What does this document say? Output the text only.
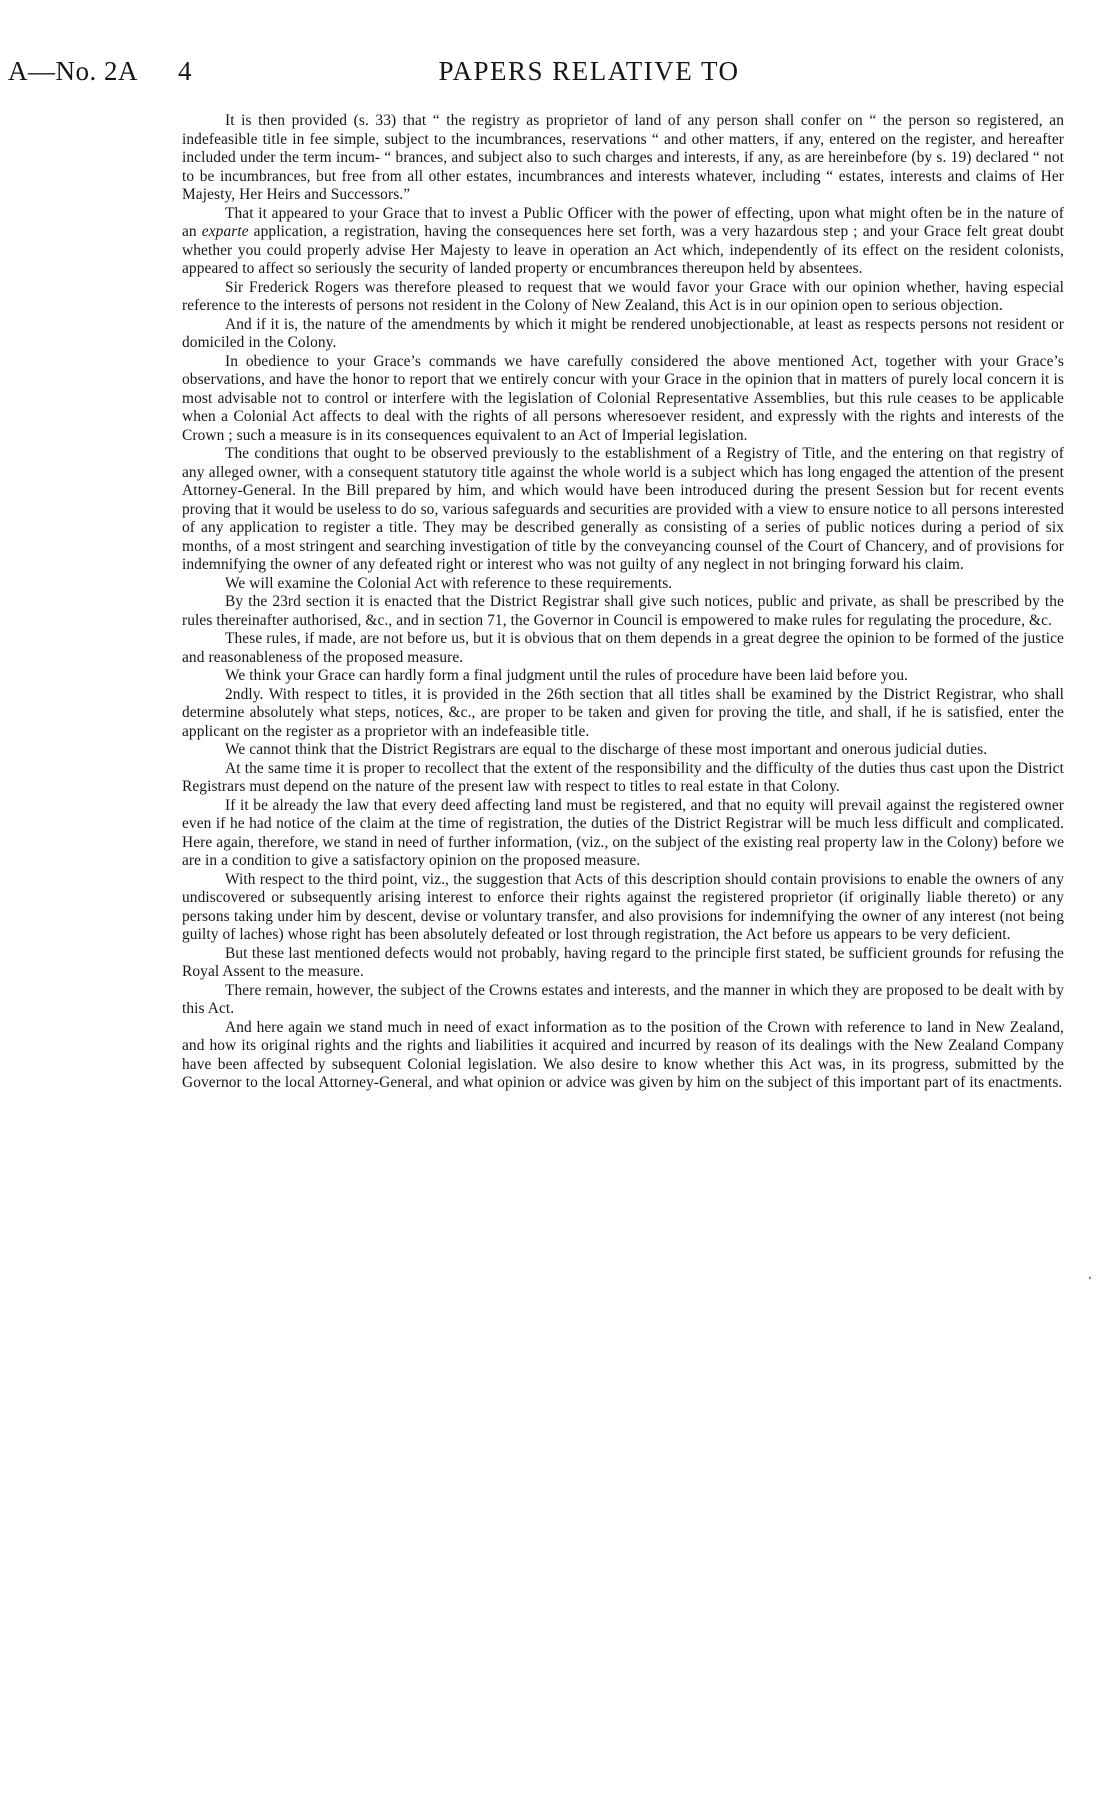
A—No. 2A 4	PAPERS RELATIVE TO

It is then provided (s. 33) that “ the registry as proprietor of land of any person shall confer on “ the person so registered, an indefeasible title in fee simple, subject to the incumbrances, reservations “ and other matters, if any, entered on the register, and hereafter included under the term incum- “ brances, and subject also to such charges and interests, if any, as are hereinbefore (by s. 19) declared “ not to be incumbrances, but free from all other estates, incumbrances and interests whatever, including “ estates, interests and claims of Her Majesty, Her Heirs and Successors.”

That it appeared to your Grace that to invest a Public Officer with the power of effecting, upon what might often be in the nature of an exparte application, a registration, having the consequences here set forth, was a very hazardous step ; and your Grace felt great doubt whether you could properly advise Her Majesty to leave in operation an Act which, independently of its effect on the resident colonists, appeared to affect so seriously the security of landed property or encumbrances thereupon held by absentees.

Sir Frederick Rogers was therefore pleased to request that we would favor your Grace with our opinion whether, having especial reference to the interests of persons not resident in the Colony of New Zealand, this Act is in our opinion open to serious objection.

And if it is, the nature of the amendments by which it might be rendered unobjectionable, at least as respects persons not resident or domiciled in the Colony.

In obedience to your Grace’s commands we have carefully considered the above mentioned Act, together with your Grace’s observations, and have the honor to report that we entirely concur with your Grace in the opinion that in matters of purely local concern it is most advisable not to control or interfere with the legislation of Colonial Representative Assemblies, but this rule ceases to be applicable when a Colonial Act affects to deal with the rights of all persons wheresoever resident, and expressly with the rights and interests of the Crown ; such a measure is in its consequences equivalent to an Act of Imperial legislation.

The conditions that ought to be observed previously to the establishment of a Registry of Title, and the entering on that registry of any alleged owner, with a consequent statutory title against the whole world is a subject which has long engaged the attention of the present Attorney-General. In the Bill prepared by him, and which would have been introduced during the present Session but for recent events proving that it would be useless to do so, various safeguards and securities are provided with a view to ensure notice to all persons interested of any application to register a title. They may be described generally as consisting of a series of public notices during a period of six months, of a most stringent and searching investigation of title by the conveyancing counsel of the Court of Chancery, and of provisions for indemnifying the owner of any defeated right or interest who was not guilty of any neglect in not bringing forward his claim.

We will examine the Colonial Act with reference to these requirements.

By the 23rd section it is enacted that the District Registrar shall give such notices, public and private, as shall be prescribed by the rules thereinafter authorised, &c., and in section 71, the Governor in Council is empowered to make rules for regulating the procedure, &c.

These rules, if made, are not before us, but it is obvious that on them depends in a great degree the opinion to be formed of the justice and reasonableness of the proposed measure.

We think your Grace can hardly form a final judgment until the rules of procedure have been laid before you.

2ndly. With respect to titles, it is provided in the 26th section that all titles shall be examined by the District Registrar, who shall determine absolutely what steps, notices, &c., are proper to be taken and given for proving the title, and shall, if he is satisfied, enter the applicant on the register as a proprietor with an indefeasible title.

We cannot think that the District Registrars are equal to the discharge of these most important and onerous judicial duties.

At the same time it is proper to recollect that the extent of the responsibility and the difficulty of the duties thus cast upon the District Registrars must depend on the nature of the present law with respect to titles to real estate in that Colony.

If it be already the law that every deed affecting land must be registered, and that no equity will prevail against the registered owner even if he had notice of the claim at the time of registration, the duties of the District Registrar will be much less difficult and complicated. Here again, therefore, we stand in need of further information, (viz., on the subject of the existing real property law in the Colony) before we are in a condition to give a satisfactory opinion on the proposed measure.

With respect to the third point, viz., the suggestion that Acts of this description should contain provisions to enable the owners of any undiscovered or subsequently arising interest to enforce their rights against the registered proprietor (if originally liable thereto) or any persons taking under him by descent, devise or voluntary transfer, and also provisions for indemnifying the owner of any interest (not being guilty of laches) whose right has been absolutely defeated or lost through registration, the Act before us appears to be very deficient.

But these last mentioned defects would not probably, having regard to the principle first stated, be sufficient grounds for refusing the Royal Assent to the measure.

There remain, however, the subject of the Crowns estates and interests, and the manner in which they are proposed to be dealt with by this Act.

And here again we stand much in need of exact information as to the position of the Crown with reference to land in New Zealand, and how its original rights and the rights and liabilities it acquired and incurred by reason of its dealings with the New Zealand Company have been affected by subsequent Colonial legislation. We also desire to know whether this Act was, in its progress, submitted by the Governor to the local Attorney-General, and what opinion or advice was given by him on the subject of this important part of its enactments.

‘
